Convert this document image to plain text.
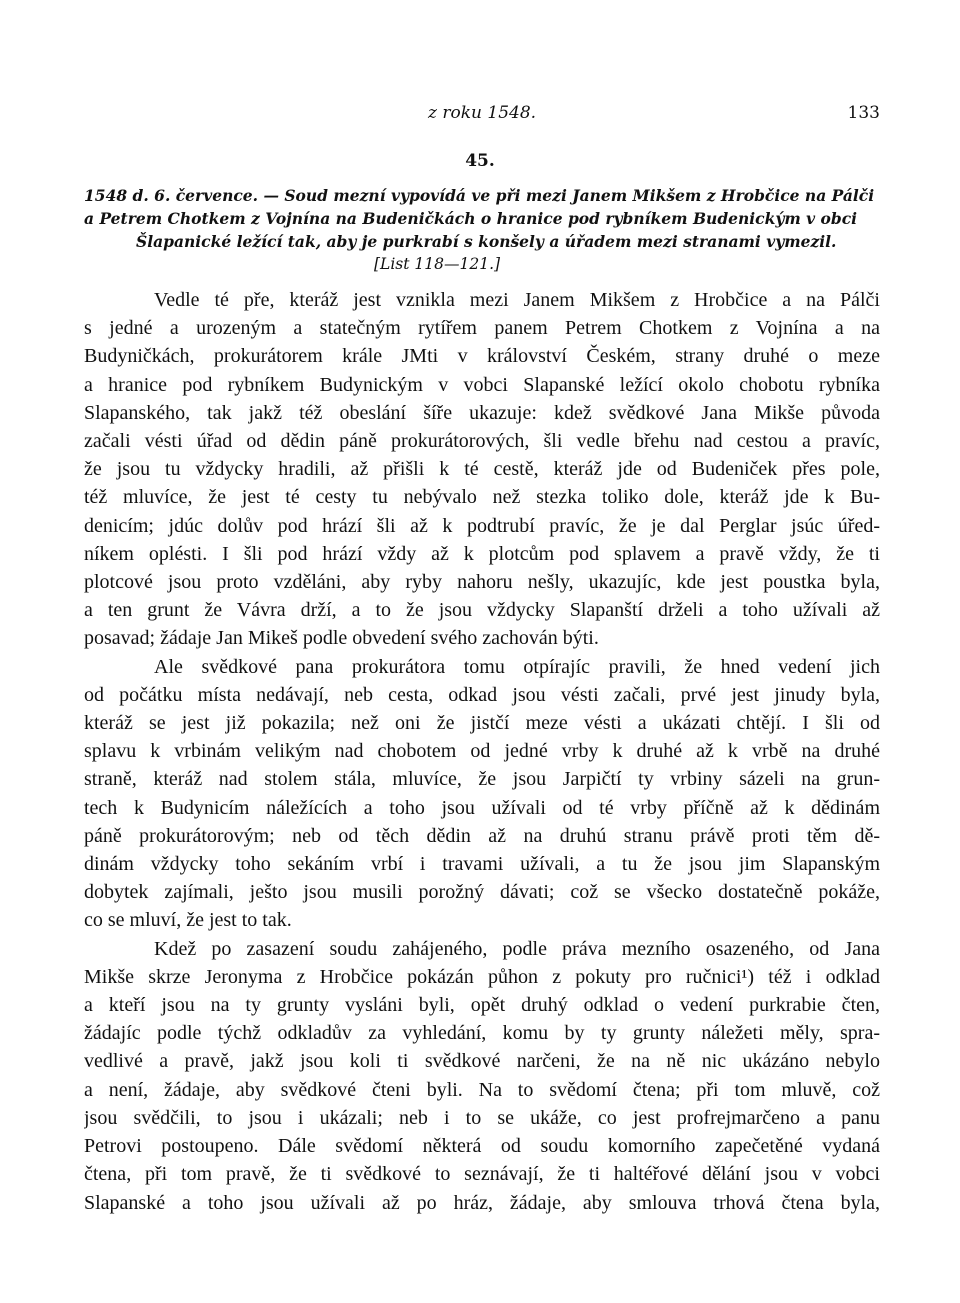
z roku 1548.	133
45.
1548 d. 6. července. — Soud mezní vypovídá ve při mezi Janem Mikšem z Hrobčice na Pálči
a Petrem Chotkem z Vojnína na Budeničkách o hranice pod rybníkem Budenickým v obci
Šlapanické ležící tak, aby je purkrabí s konšely a úřadem mezi stranami vymezil.
[List 118—121.]
Vedle té pře, kteráž jest vznikla mezi Janem Mikšem z Hrobčice a na Pálči
s jedné a urozeným a statečným rytířem panem Petrem Chotkem z Vojnína a na
Budyničkách, prokurátorem krále JMti v království Českém, strany druhé o meze
a hranice pod rybníkem Budynickým v vobci Slapanské ležící okolo chobotu rybníka
Slapanského, tak jakž též obeslání šíře ukazuje: kdež svědkové Jana Mikše původa
začali vésti úřad od dědin páně prokurátorových, šli vedle břehu nad cestou a pravíc,
že jsou tu vždycky hradili, až přišli k té cestě, kteráž jde od Budeniček přes pole,
též mluvíce, že jest té cesty tu nebývalo než stezka toliko dole, kteráž jde k Bu-
denicím; jdúc dolův pod hrází šli až k podtrubí pravíc, že je dal Perglar jsúc úřed-
níkem oplésti. I šli pod hrází vždy až k plotcům pod splavem a pravě vždy, že ti
plotcové jsou proto vzděláni, aby ryby nahoru nešly, ukazujíc, kde jest poustka byla,
a ten grunt že Vávra drží, a to že jsou vždycky Slapanští drželi a toho užívali až
posavad; žádaje Jan Mikeš podle obvedení svého zachován býti.
Ale svědkové pana prokurátora tomu otpírajíc pravili, že hned vedení jich
od počátku místa nedávají, neb cesta, odkad jsou vésti začali, prvé jest jinudy byla,
kteráž se jest již pokazila; než oni že jistčí meze vésti a ukázati chtějí. I šli od
splavu k vrbinám velikým nad chobotem od jedné vrby k druhé až k vrbě na druhé
straně, kteráž nad stolem stála, mluvíce, že jsou Jarpičtí ty vrbiny sázeli na grun-
tech k Budynicím náležících a toho jsou užívali od té vrby příčně až k dědinám
páně prokurátorovým; neb od těch dědin až na druhú stranu právě proti těm dě-
dinám vždycky toho sekáním vrbí i travami užívali, a tu že jsou jim Slapanským
dobytek zajímali, ješto jsou musili porožný dávati; což se všecko dostatečně pokáže,
co se mluví, že jest to tak.
Kdež po zasazení soudu zahájeného, podle práva mezního osazeného, od Jana
Mikše skrze Jeronyma z Hrobčice pokázán půhon z pokuty pro ručnici¹) též i odklad
a kteří jsou na ty grunty vysláni byli, opět druhý odklad o vedení purkrabie čten,
žádajíc podle týchž odkladův za vyhledání, komu by ty grunty náležeti měly, spra-
vedlivé a pravě, jakž jsou koli ti svědkové narčeni, že na ně nic ukázáno nebylo
a není, žádaje, aby svědkové čteni byli. Na to svědomí čtena; při tom mluvě, což
jsou svědčili, to jsou i ukázali; neb i to se ukáže, co jest profrejmarčeno a panu
Petrovi postoupeno. Dále svědomí některá od soudu komorního zapečetěné vydaná
čtena, při tom pravě, že ti svědkové to seznávají, že ti haltéřové dělání jsou v vobci
Slapanské a toho jsou užívali až po hráz, žádaje, aby smlouva trhová čtena byla,
